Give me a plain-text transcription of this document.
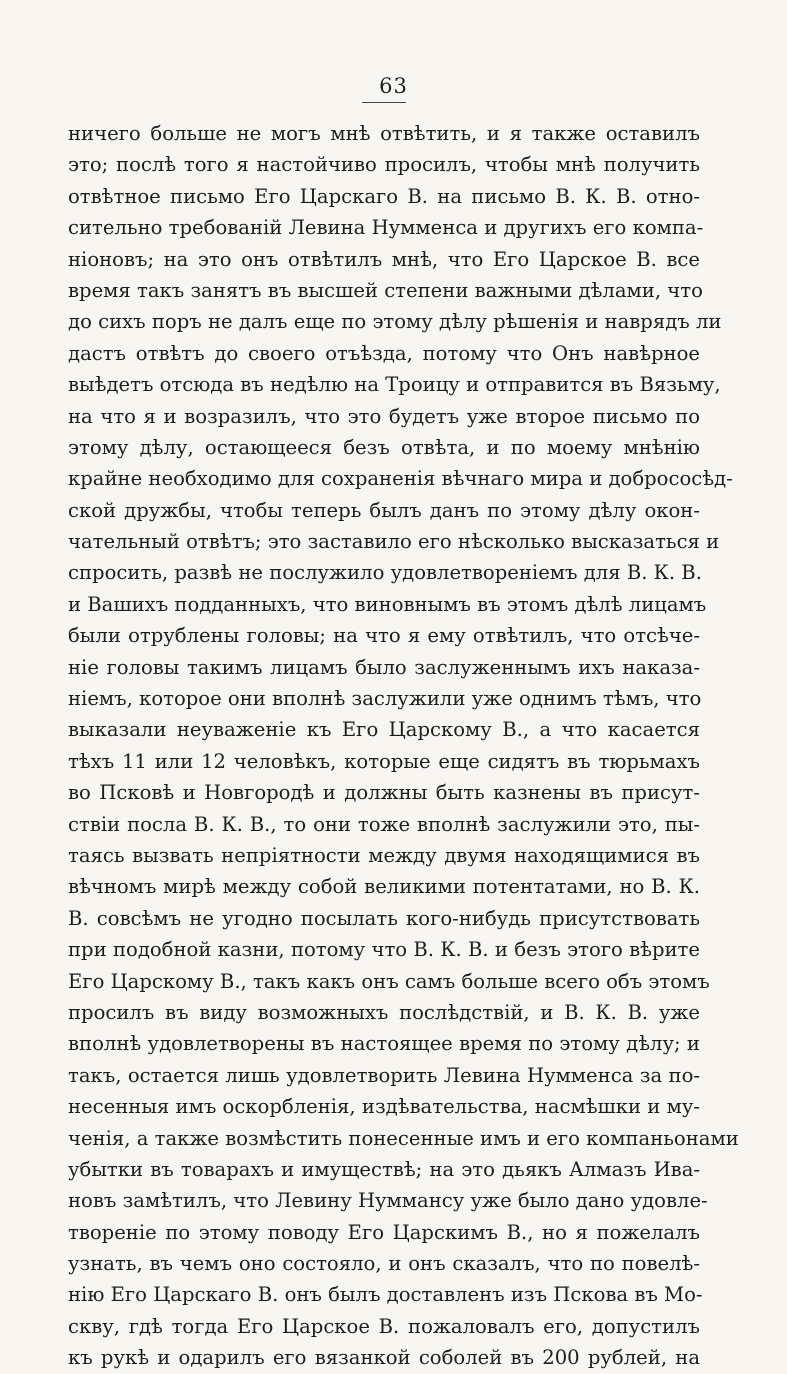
63
ничего больше не могъ мнѣ отвѣтить, и я также оставилъ
это; послѣ того я настойчиво просилъ, чтобы мнѣ получить
отвѣтное письмо Его Царскаго В. на письмо В. К. В. отно-
сительно требованій Левина Нумменса и другихъ его компа-
ніоновъ; на это онъ отвѣтилъ мнѣ, что Его Царское В. все
время такъ занятъ въ высшей степени важными дѣлами, что
до сихъ поръ не далъ еще по этому дѣлу рѣшенія и наврядъ ли
дастъ отвѣтъ до своего отъѣзда, потому что Онъ навѣрное
выѣдетъ отсюда въ недѣлю на Троицу и отправится въ Вязьму,
на что я и возразилъ, что это будетъ уже второе письмо по
этому дѣлу, остающееся безъ отвѣта, и по моему мнѣнію
крайне необходимо для сохраненія вѣчнаго мира и добрососѣд-
ской дружбы, чтобы теперь былъ данъ по этому дѣлу окон-
чательный отвѣтъ; это заставило его нѣсколько высказаться и
спросить, развѣ не послужило удовлетвореніемъ для В. К. В.
и Вашихъ подданныхъ, что виновнымъ въ этомъ дѣлѣ лицамъ
были отрублены головы; на что я ему отвѣтилъ, что отсѣче-
ніе головы такимъ лицамъ было заслуженнымъ ихъ наказа-
ніемъ, которое они вполнѣ заслужили уже однимъ тѣмъ, что
выказали неуваженіе къ Его Царскому В., а что касается
тѣхъ 11 или 12 человѣкъ, которые еще сидятъ въ тюрьмахъ
во Псковѣ и Новгородѣ и должны быть казнены въ присут-
ствіи посла В. К. В., то они тоже вполнѣ заслужили это, пы-
таясь вызвать непріятности между двумя находящимися въ
вѣчномъ мирѣ между собой великими потентатами, но В. К.
В. совсѣмъ не угодно посылать кого-нибудь присутствовать
при подобной казни, потому что В. К. В. и безъ этого вѣрите
Его Царскому В., такъ какъ онъ самъ больше всего объ этомъ
просилъ въ виду возможныхъ послѣдствій, и В. К. В. уже
вполнѣ удовлетворены въ настоящее время по этому дѣлу; и
такъ, остается лишь удовлетворить Левина Нумменса за по-
несенныя имъ оскорбленія, издѣвательства, насмѣшки и му-
ченія, а также возмѣстить понесенные имъ и его компаньонами
убытки въ товарахъ и имуществѣ; на это дьякъ Алмазъ Ива-
новъ замѣтилъ, что Левину Нуммансу уже было дано удовле-
твореніе по этому поводу Его Царскимъ В., но я пожелалъ
узнать, въ чемъ оно состояло, и онъ сказалъ, что по повелѣ-
нію Его Царскаго В. онъ былъ доставленъ изъ Пскова въ Мо-
скву, гдѣ тогда Его Царское В. пожаловалъ его, допустилъ
къ рукѣ и одарилъ его вязанкой соболей въ 200 рублей, на
